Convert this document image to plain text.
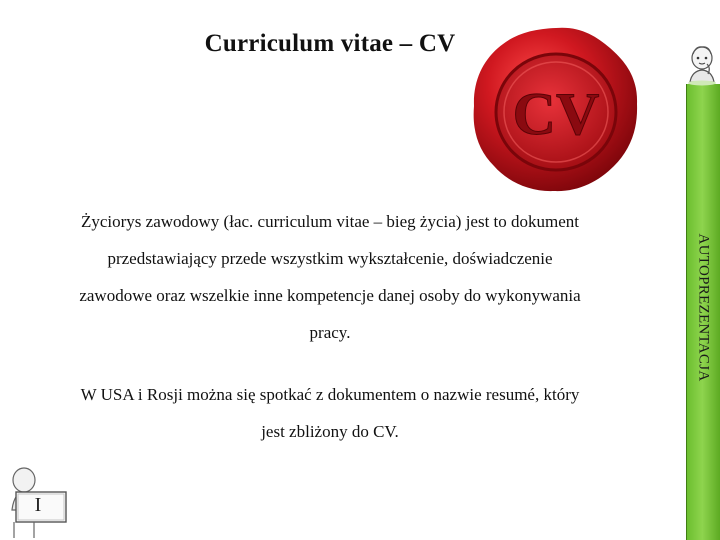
Curriculum vitae – CV
CV
Życiorys zawodowy (łac. curriculum vitae – bieg życia) jest to dokument
przedstawiający przede wszystkim wykształcenie, doświadczenie
zawodowe oraz wszelkie inne kompetencje danej osoby do wykonywania
pracy.
W USA i Rosji można się spotkać z dokumentem o nazwie resumé, który
jest zbliżony do CV.
AUTOPREZENTACJA
I
